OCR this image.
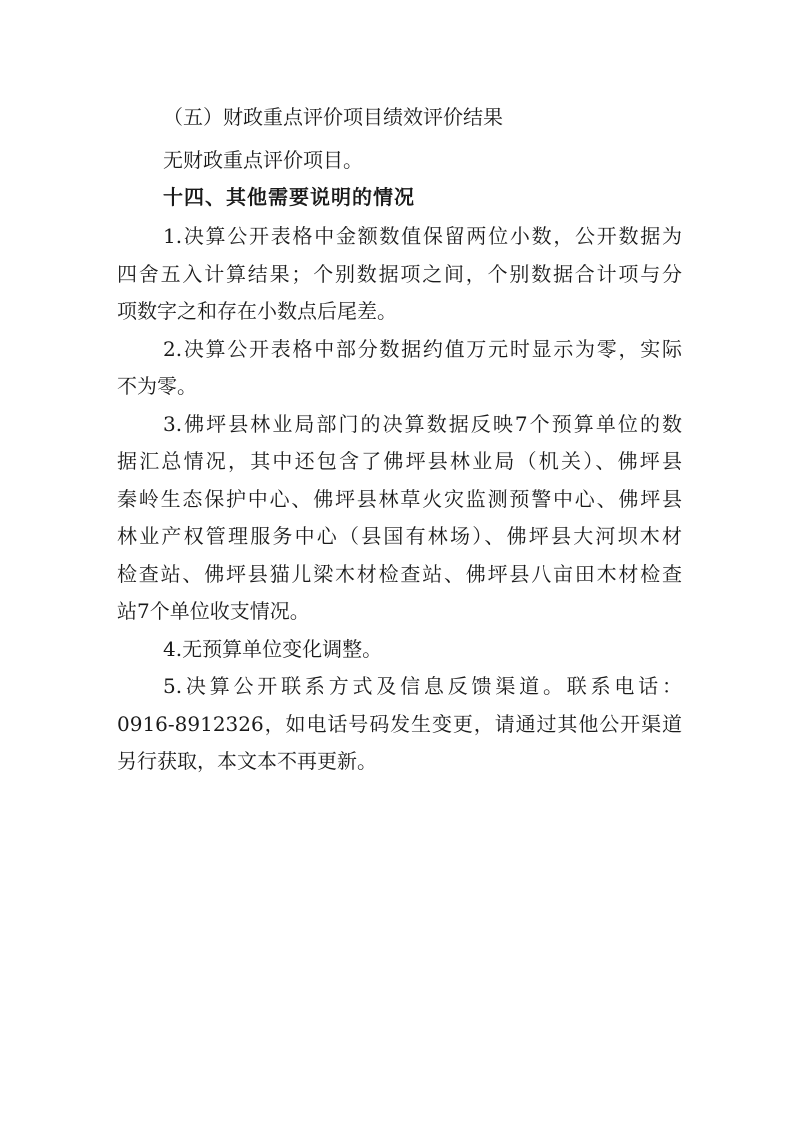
（五）财政重点评价项目绩效评价结果
无财政重点评价项目。
十四、其他需要说明的情况
1.决算公开表格中金额数值保留两位小数，公开数据为
四舍五入计算结果；个别数据项之间，个别数据合计项与分
项数字之和存在小数点后尾差。
2.决算公开表格中部分数据约值万元时显示为零，实际
不为零。
3.佛坪县林业局部门的决算数据反映7个预算单位的数
据汇总情况，其中还包含了佛坪县林业局（机关）、佛坪县
秦岭生态保护中心、佛坪县林草火灾监测预警中心、佛坪县
林业产权管理服务中心（县国有林场）、佛坪县大河坝木材
检查站、佛坪县猫儿梁木材检查站、佛坪县八亩田木材检查
站7个单位收支情况。
4.无预算单位变化调整。
5.决算公开联系方式及信息反馈渠道。联系电话：
0916-8912326，如电话号码发生变更，请通过其他公开渠道
另行获取，本文本不再更新。
